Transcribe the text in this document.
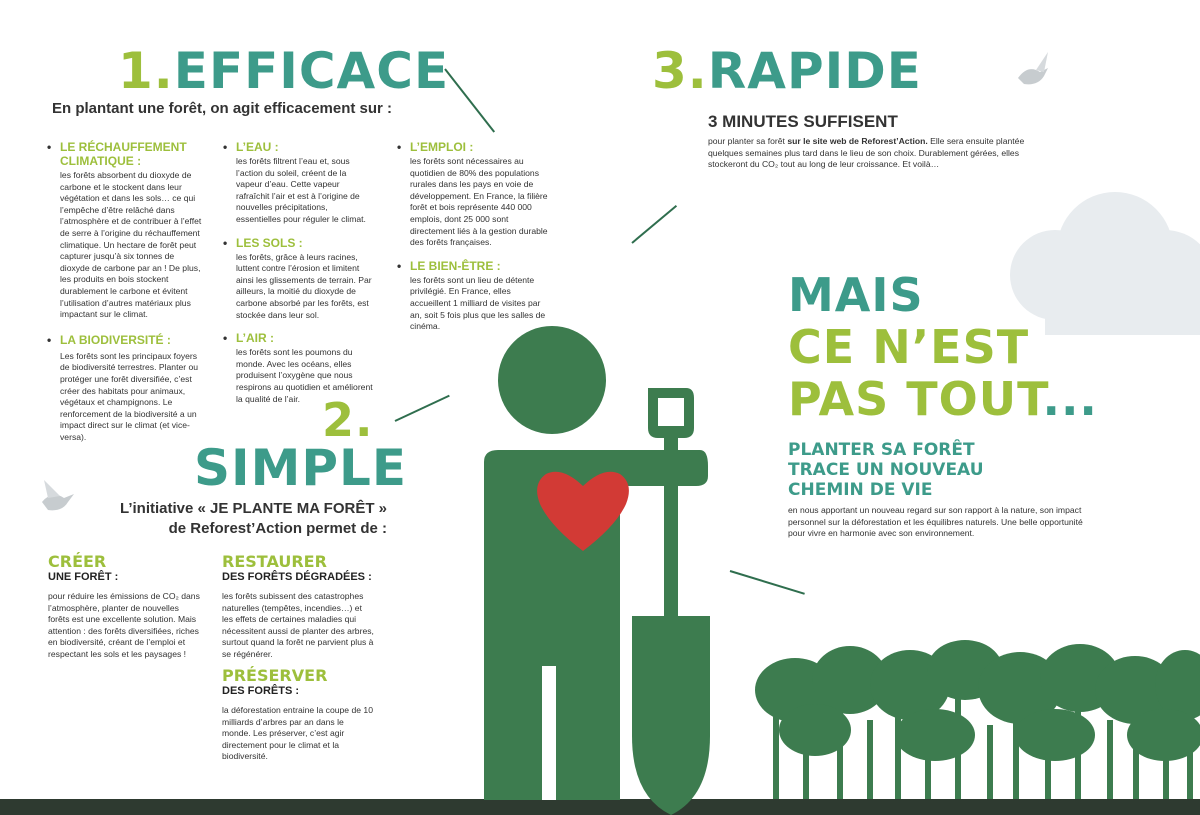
1.EFFICACE
En plantant une forêt, on agit efficacement sur :
• LE RÉCHAUFFEMENT CLIMATIQUE :
les forêts absorbent du dioxyde de carbone et le stockent dans leur végétation et dans les sols… ce qui l’empêche d’être relâché dans l’atmosphère et de contribuer à l’effet de serre à l’origine du réchauffement climatique. Un hectare de forêt peut capturer jusqu’à six tonnes de dioxyde de carbone par an ! De plus, les produits en bois stockent durablement le carbone et évitent l’utilisation d’autres matériaux plus impactant sur le climat.
• LA BIODIVERSITÉ :
Les forêts sont les principaux foyers de biodiversité terrestres. Planter ou protéger une forêt diversifiée, c’est créer des habitats pour animaux, végétaux et champignons. Le renforcement de la biodiversité a un impact direct sur le climat (et vice-versa).
• L’EAU :
les forêts filtrent l’eau et, sous l’action du soleil, créent de la vapeur d’eau. Cette vapeur rafraîchit l’air et est à l’origine de nouvelles précipitations, essentielles pour réguler le climat.
• LES SOLS :
les forêts, grâce à leurs racines, luttent contre l’érosion et limitent ainsi les glissements de terrain. Par ailleurs, la moitié du dioxyde de carbone absorbé par les forêts, est stockée dans leur sol.
• L’AIR :
les forêts sont les poumons du monde. Avec les océans, elles produisent l’oxygène que nous respirons au quotidien et améliorent la qualité de l’air.
• L’EMPLOI :
les forêts sont nécessaires au quotidien de 80% des populations rurales dans les pays en voie de développement. En France, la filière forêt et bois représente 440 000 emplois, dont 25 000 sont directement liés à la gestion durable des forêts françaises.
• LE BIEN-ÊTRE :
les forêts sont un lieu de détente privilégié. En France, elles accueillent 1 milliard de visites par an, soit 5 fois plus que les salles de cinéma.
2.
SIMPLE
L’initiative « JE PLANTE MA FORÊT »
de Reforest’Action permet de :
CRÉER
UNE FORÊT :
pour réduire les émissions de CO₂ dans l’atmosphère, planter de nouvelles forêts est une excellente solution. Mais attention : des forêts diversifiées, riches en biodiversité, créant de l’emploi et respectant les sols et les paysages !
RESTAURER
DES FORÊTS DÉGRADÉES :
les forêts subissent des catastrophes naturelles (tempêtes, incendies…) et les effets de certaines maladies qui nécessitent aussi de planter des arbres, surtout quand la forêt ne parvient plus à se régénérer.
PRÉSERVER
DES FORÊTS :
la déforestation entraine la coupe de 10 milliards d’arbres par an dans le monde. Les préserver, c’est agir directement pour le climat et la biodiversité.
3.RAPIDE
3 MINUTES SUFFISENT
pour planter sa forêt sur le site web de Reforest’Action. Elle sera ensuite plantée quelques semaines plus tard dans le lieu de son choix. Durablement gérées, elles stockeront du CO₂ tout au long de leur croissance. Et voilà…
MAIS
CE N’EST
PAS TOUT...
PLANTER SA FORÊT
TRACE UN NOUVEAU
CHEMIN DE VIE
en nous apportant un nouveau regard sur son rapport à la nature, son impact personnel sur la déforestation et les équilibres naturels. Une belle opportunité pour vivre en harmonie avec son environnement.
